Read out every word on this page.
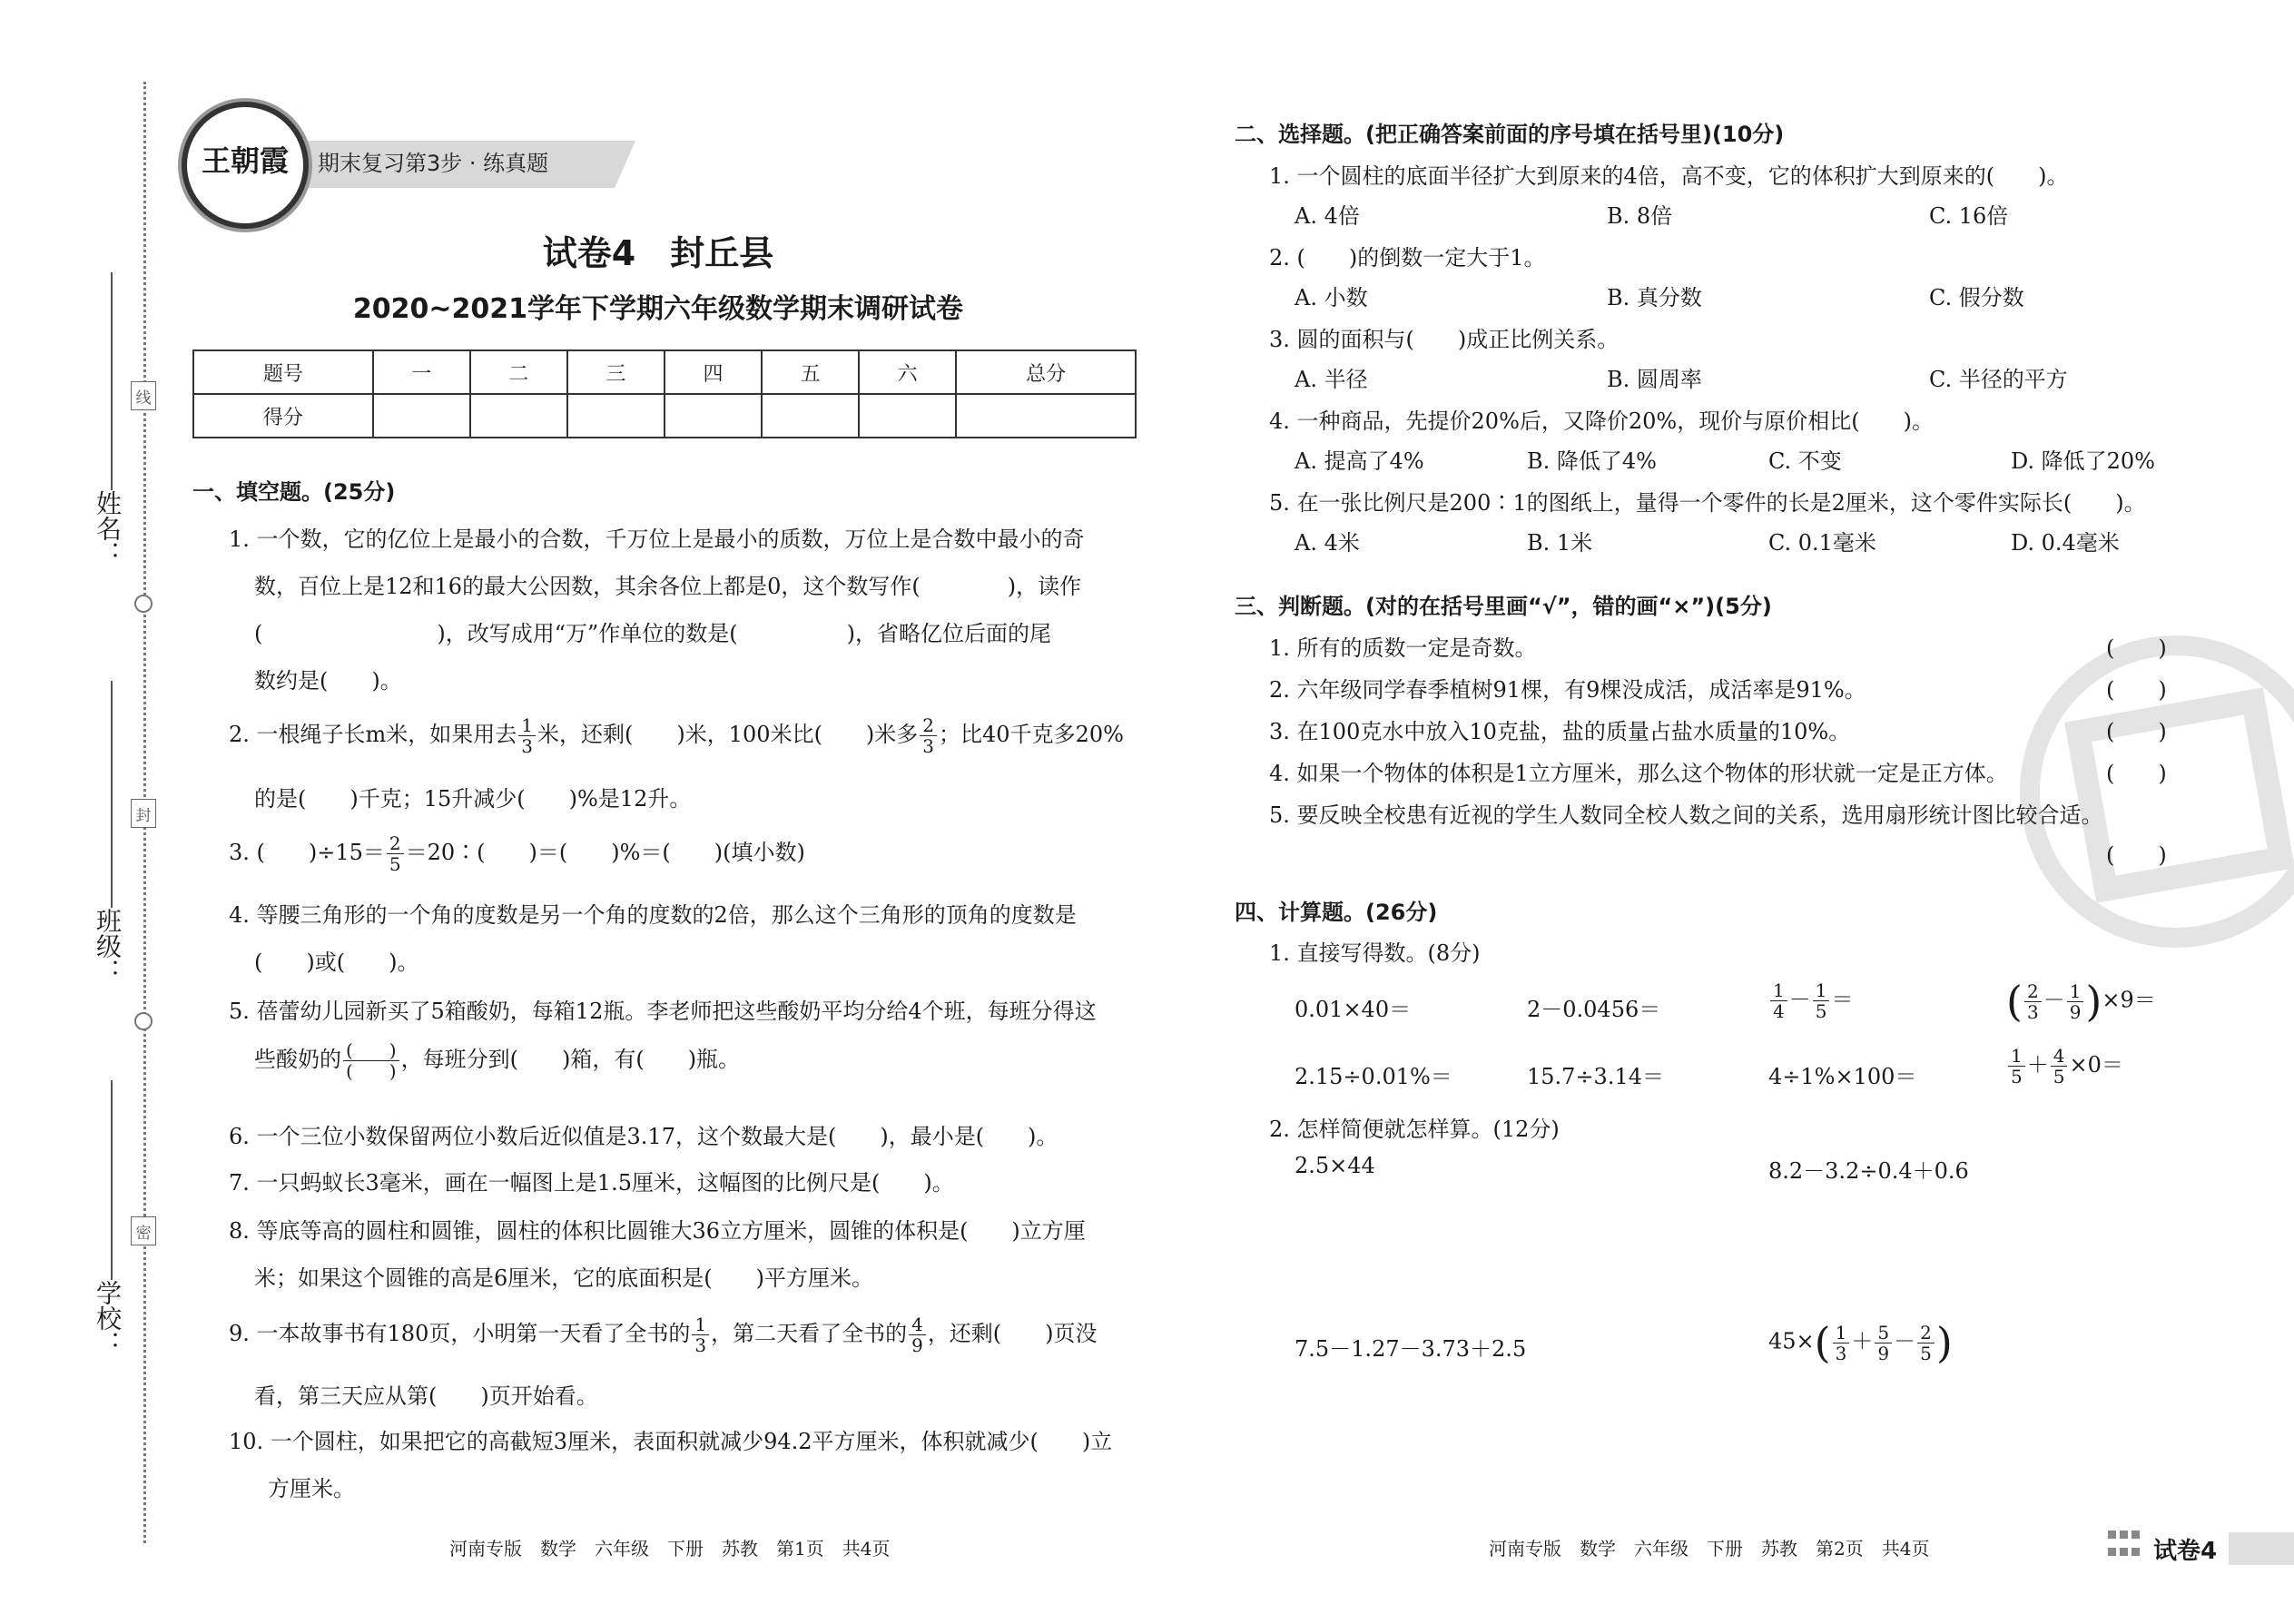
姓名：
班级：
学校：
线
封
密
期末复习第3步 · 练真题
王朝霞
试卷4　封丘县
2020~2021学年下学期六年级数学期末调研试卷
题号	一	二	三	四	五	六	总分
得分							
一、填空题。(25分)
1. 一个数，它的亿位上是最小的合数，千万位上是最小的质数，万位上是合数中最小的奇
数，百位上是12和16的最大公因数，其余各位上都是0，这个数写作(　　　　)，读作
(　　　　　　　　)，改写成用“万”作单位的数是(　　　　　)，省略亿位后面的尾
数约是(　　)。
2. 一根绳子长m米，如果用去 $\frac{1}{3}$ 米，还剩(　　)米，100米比(　　)米多 $\frac{2}{3}$ ；比40千克多20%
的是(　　)千克；15升减少(　　)%是12升。
3. (　　)$\div 15= \frac{2}{5}$ ＝20∶(　　)＝(　　)%＝(　　)(填小数)
4. 等腰三角形的一个角的度数是另一个角的度数的2倍，那么这个三角形的顶角的度数是
(　　)或(　　)。
5. 蓓蕾幼儿园新买了5箱酸奶，每箱12瓶。李老师把这些酸奶平均分给4个班，每班分得这
些酸奶的 $\frac{( )}{( )}$ ，每班分到(　　)箱，有(　　)瓶。
6. 一个三位小数保留两位小数后近似值是3.17，这个数最大是(　　)，最小是(　　)。
7. 一只蚂蚁长3毫米，画在一幅图上是1.5厘米，这幅图的比例尺是(　　)。
8. 等底等高的圆柱和圆锥，圆柱的体积比圆锥大36立方厘米，圆锥的体积是(　　)立方厘
米；如果这个圆锥的高是6厘米，它的底面积是(　　)平方厘米。
9. 一本故事书有180页，小明第一天看了全书的 $\frac{1}{3}$ ，第二天看了全书的 $\frac{4}{9}$ ，还剩(　　)页没
看，第三天应从第(　　)页开始看。
10. 一个圆柱，如果把它的高截短3厘米，表面积就减少94.2平方厘米，体积就减少(　　)立
方厘米。
河南专版　数学　六年级　下册　苏教　第1页　共4页
二、选择题。(把正确答案前面的序号填在括号里)(10分)
1. 一个圆柱的底面半径扩大到原来的4倍，高不变，它的体积扩大到原来的(　　)。
A. 4倍	B. 8倍	C. 16倍
2. (　　)的倒数一定大于1。
A. 小数	B. 真分数	C. 假分数
3. 圆的面积与(　　)成正比例关系。
A. 半径	B. 圆周率	C. 半径的平方
4. 一种商品，先提价20%后，又降价20%，现价与原价相比(　　)。
A. 提高了4%	B. 降低了4%	C. 不变	D. 降低了20%
5. 在一张比例尺是200∶1的图纸上，量得一个零件的长是2厘米，这个零件实际长(　　)。
A. 4米	B. 1米	C. 0.1毫米	D. 0.4毫米
三、判断题。(对的在括号里画“√”，错的画“×”)(5分)
1. 所有的质数一定是奇数。
2. 六年级同学春季植树91棵，有9棵没成活，成活率是91%。
3. 在100克水中放入10克盐，盐的质量占盐水质量的10%。
4. 如果一个物体的体积是1立方厘米，那么这个物体的形状就一定是正方体。
5. 要反映全校患有近视的学生人数同全校人数之间的关系，选用扇形统计图比较合适。
(　　)
(　　)
(　　)
(　　)
(　　)
四、计算题。(26分)
1. 直接写得数。(8分)
0.01×40＝	2－0.0456＝	$\frac{1}{4} - \frac{1}{5}$ ＝	( $\frac{2}{3} - \frac{1}{9} )\times 9=$
2.15÷0.01%＝	15.7÷3.14＝	4÷1%×100＝	$\frac{1}{5} + \frac{4}{5} \times 0=$
2. 怎样简便就怎样算。(12分)
2.5×44	8.2－3.2÷0.4＋0.6
7.5－1.27－3.73＋2.5	$45\times( \frac{1}{3} + \frac{5}{9} - \frac{2}{5}$ )
河南专版　数学　六年级　下册　苏教　第2页　共4页	试卷4
